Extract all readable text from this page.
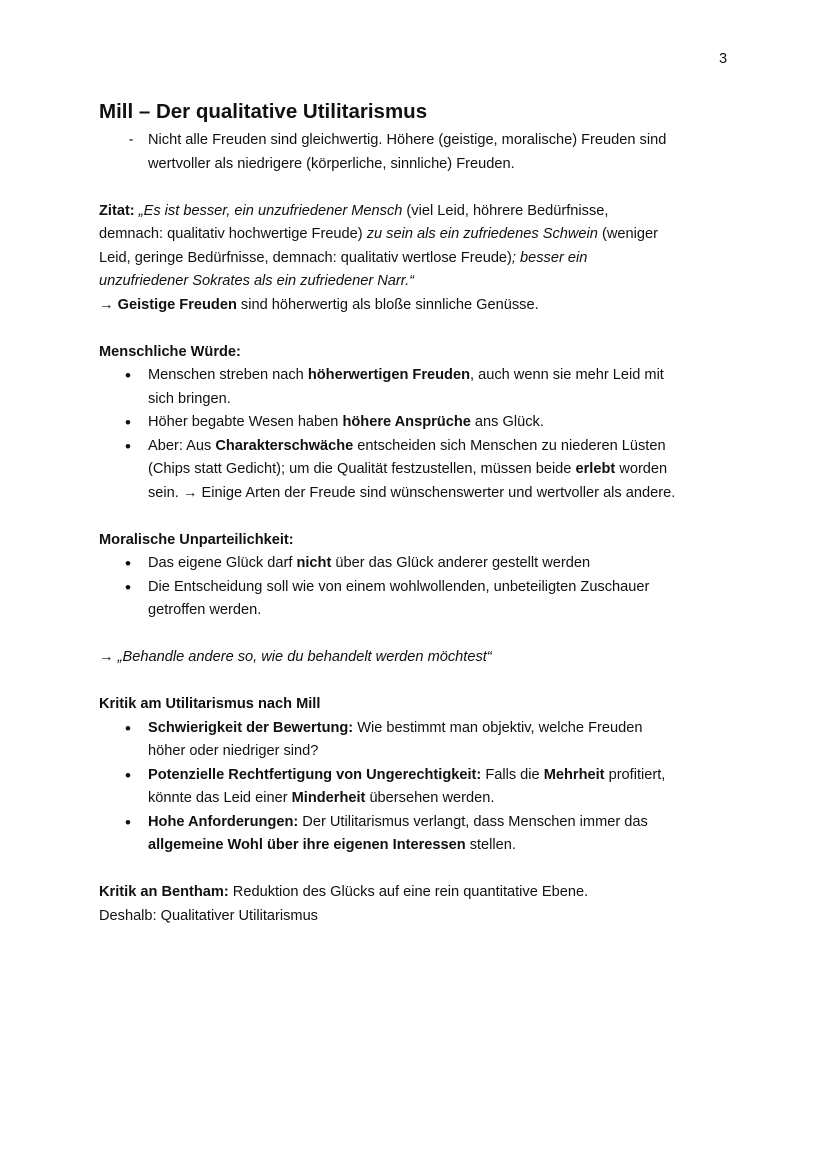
3
Mill – Der qualitative Utilitarismus
- Nicht alle Freuden sind gleichwertig. Höhere (geistige, moralische) Freuden sind
wertvoller als niedrigere (körperliche, sinnliche) Freuden.

Zitat: „Es ist besser, ein unzufriedener Mensch (viel Leid, höhrere Bedürfnisse,
demnach: qualitativ hochwertige Freude) zu sein als ein zufriedenes Schwein (weniger
Leid, geringe Bedürfnisse, demnach: qualitativ wertlose Freude); besser ein
unzufriedener Sokrates als ein zufriedener Narr.“
→ Geistige Freuden sind höherwertig als bloße sinnliche Genüsse.

Menschliche Würde:

• Menschen streben nach höherwertigen Freuden, auch wenn sie mehr Leid mit
sich bringen.
• Höher begabte Wesen haben höhere Ansprüche ans Glück.
• Aber: Aus Charakterschwäche entscheiden sich Menschen zu niederen Lüsten
(Chips statt Gedicht); um die Qualität festzustellen, müssen beide erlebt worden
sein. → Einige Arten der Freude sind wünschenswerter und wertvoller als andere.

Moralische Unparteilichkeit:

• Das eigene Glück darf nicht über das Glück anderer gestellt werden
• Die Entscheidung soll wie von einem wohlwollenden, unbeteiligten Zuschauer
getroffen werden.

→ „Behandle andere so, wie du behandelt werden möchtest“

Kritik am Utilitarismus nach Mill

• Schwierigkeit der Bewertung: Wie bestimmt man objektiv, welche Freuden
höher oder niedriger sind?
• Potenzielle Rechtfertigung von Ungerechtigkeit: Falls die Mehrheit profitiert,
könnte das Leid einer Minderheit übersehen werden.
• Hohe Anforderungen: Der Utilitarismus verlangt, dass Menschen immer das
allgemeine Wohl über ihre eigenen Interessen stellen.

Kritik an Bentham: Reduktion des Glücks auf eine rein quantitative Ebene.

Deshalb: Qualitativer Utilitarismus
